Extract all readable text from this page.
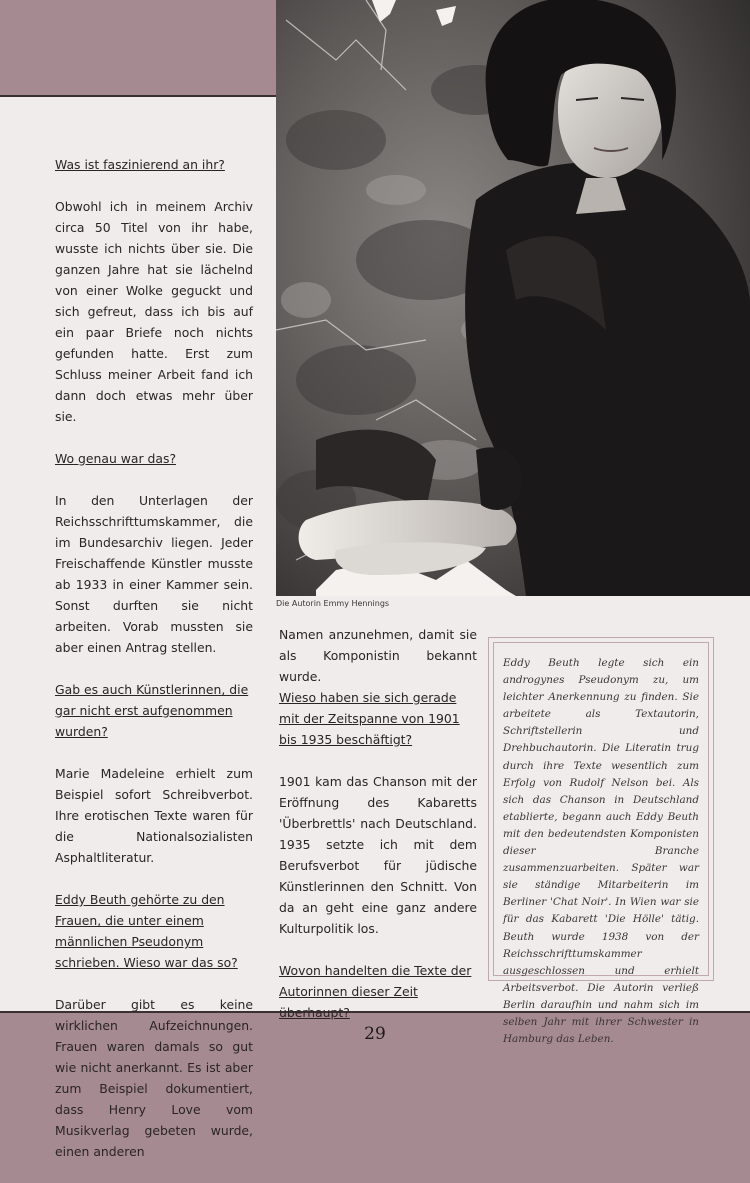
Die Autorin Emmy Hennings

Was ist faszinierend an ihr?

Obwohl ich in meinem Archiv circa 50 Titel von ihr habe, wusste ich nichts über sie. Die ganzen Jahre hat sie lächelnd von einer Wolke geguckt und sich gefreut, dass ich bis auf ein paar Briefe noch nichts gefunden hatte. Erst zum Schluss meiner Arbeit fand ich dann doch etwas mehr über sie.

Wo genau war das?

In den Unterlagen der Reichsschrifttumskammer, die im Bundesarchiv liegen. Jeder Freischaffende Künstler musste ab 1933 in einer Kammer sein. Sonst durften sie nicht arbeiten. Vorab mussten sie aber einen Antrag stellen.

Gab es auch Künstlerinnen, die gar nicht erst aufgenommen wurden?

Marie Madeleine erhielt zum Beispiel sofort Schreibverbot. Ihre erotischen Texte waren für die Nationalsozialisten Asphaltliteratur.

Eddy Beuth gehörte zu den Frauen, die unter einem männlichen Pseudonym schrieben. Wieso war das so?

Darüber gibt es keine wirklichen Aufzeichnungen. Frauen waren damals so gut wie nicht anerkannt. Es ist aber zum Beispiel dokumentiert, dass Henry Love vom Musikverlag gebeten wurde, einen anderen

Namen anzunehmen, damit sie als Komponistin bekannt wurde.

Wieso haben sie sich gerade mit der Zeitspanne von 1901 bis 1935 beschäftigt?

1901 kam das Chanson mit der Eröffnung des Kabaretts 'Überbrettls' nach Deutschland. 1935 setzte ich mit dem Berufsverbot für jüdische Künstlerinnen den Schnitt. Von da an geht eine ganz andere Kulturpolitik los.

Wovon handelten die Texte der Autorinnen dieser Zeit überhaupt?

Eddy Beuth legte sich ein androgynes Pseudonym zu, um leichter Anerkennung zu finden. Sie arbeitete als Textautorin, Schriftstellerin und Drehbuchautorin. Die Literatin trug durch ihre Texte wesentlich zum Erfolg von Rudolf Nelson bei. Als sich das Chanson in Deutschland etablierte, begann auch Eddy Beuth mit den bedeutendsten Komponisten dieser Branche zusammenzuarbeiten. Später war sie ständige Mitarbeiterin im Berliner 'Chat Noir'. In Wien war sie für das Kabarett 'Die Hölle' tätig. Beuth wurde 1938 von der Reichsschrifttumskammer ausgeschlossen und erhielt Arbeitsverbot. Die Autorin verließ Berlin daraufhin und nahm sich im selben Jahr mit ihrer Schwester in Hamburg das Leben.

29
